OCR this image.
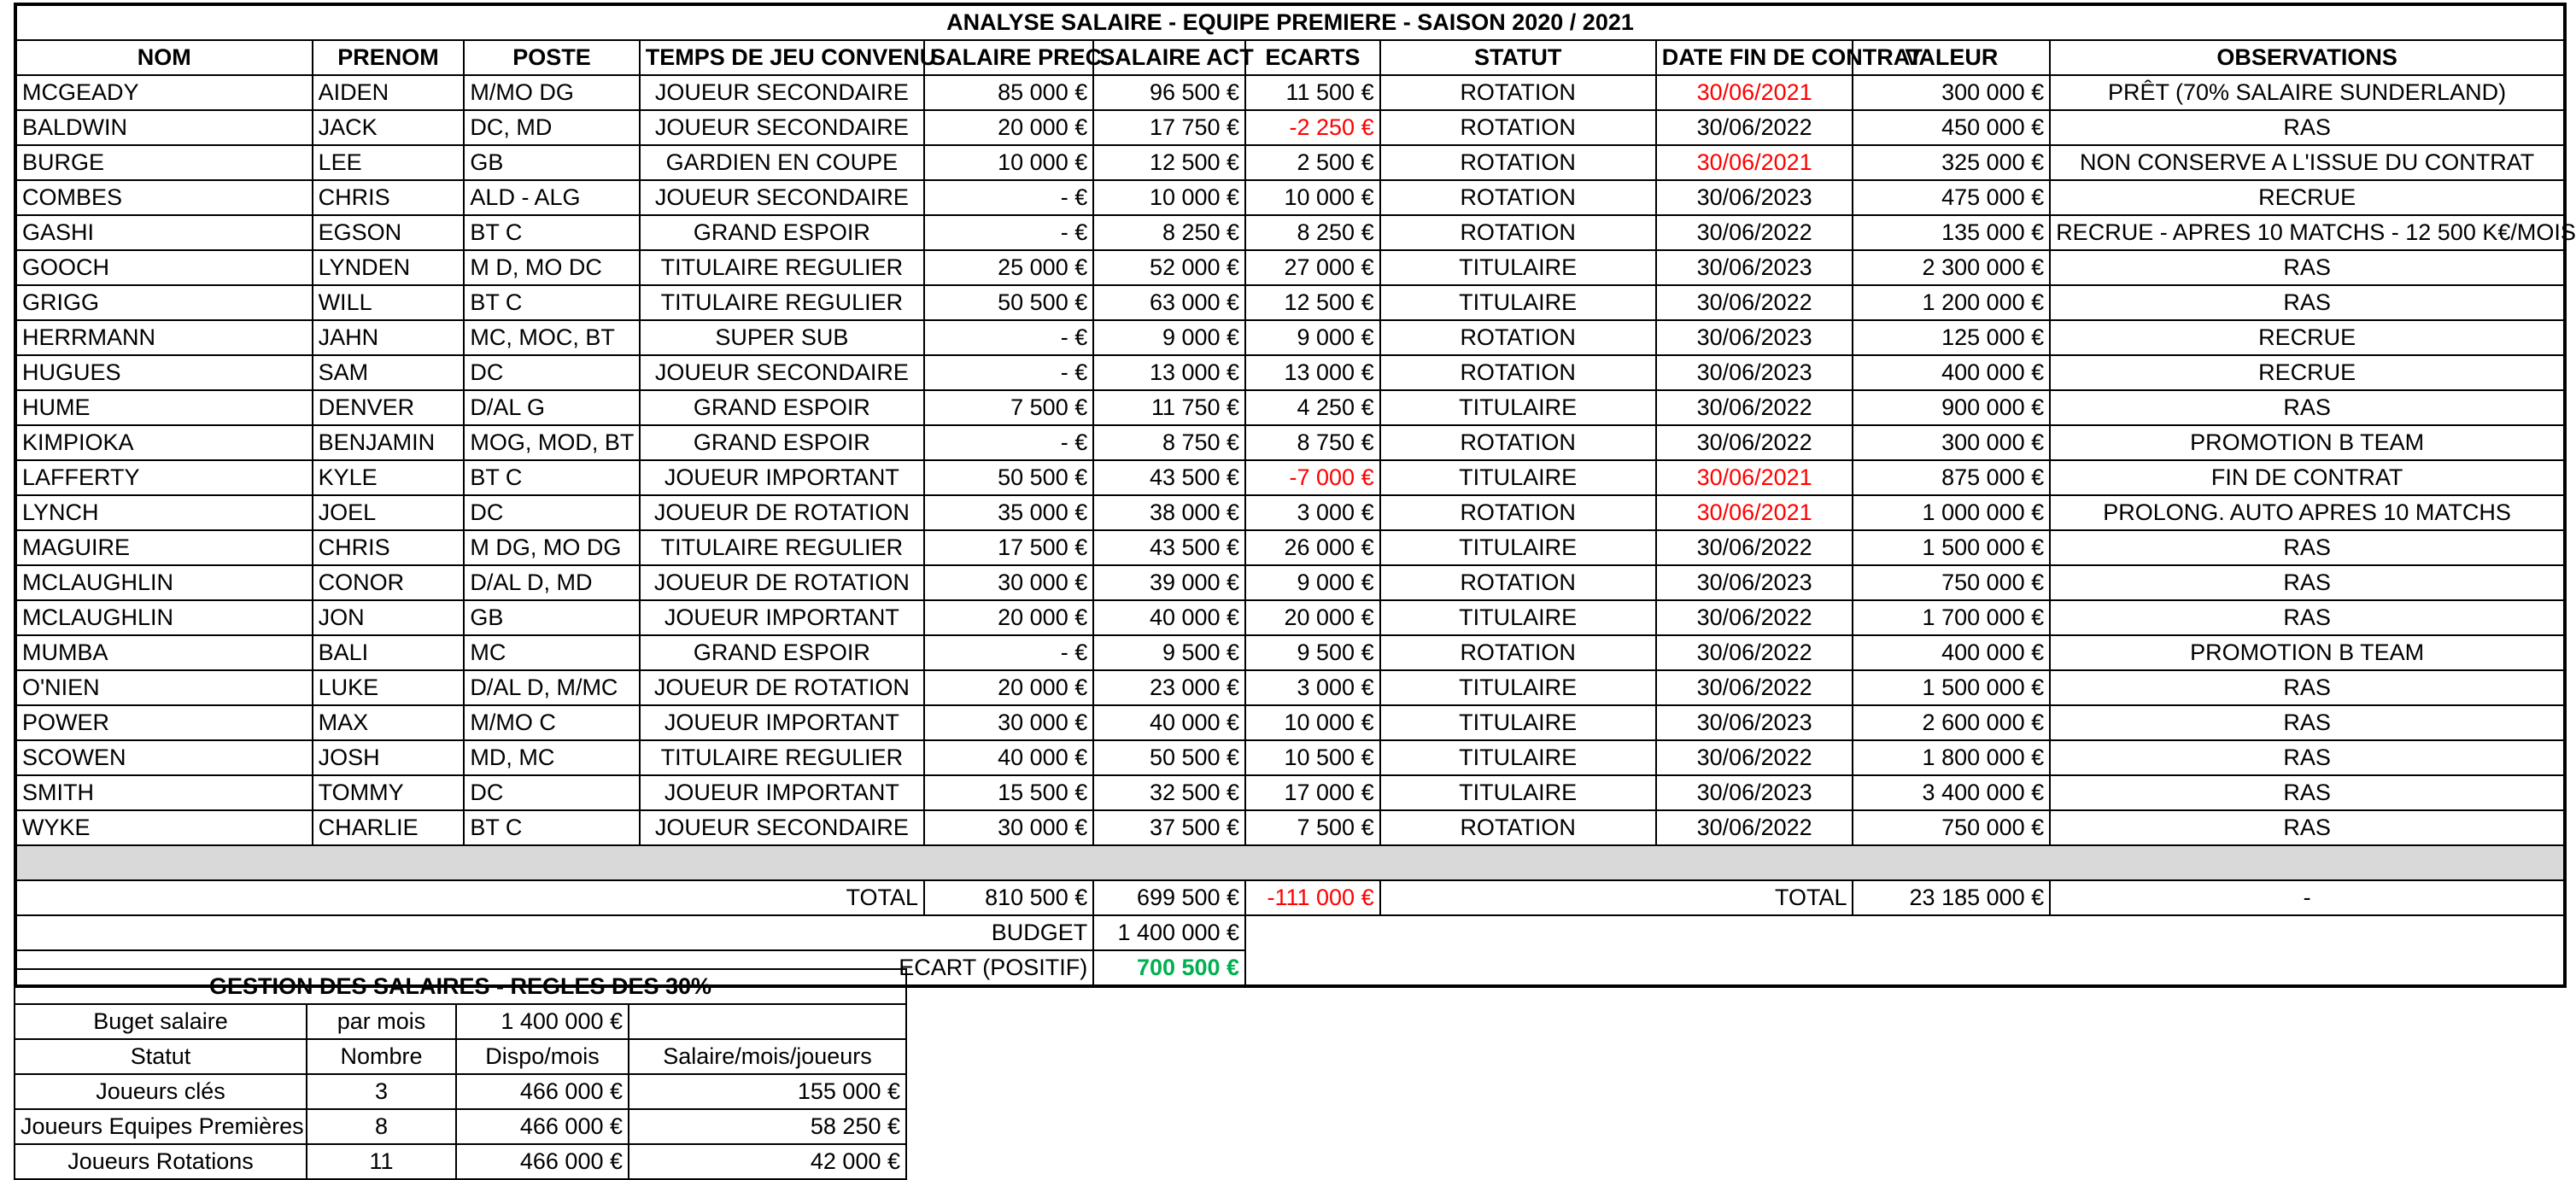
ANALYSE SALAIRE - EQUIPE PREMIERE - SAISON 2020 / 2021										
NOM	PRENOM	POSTE	TEMPS DE JEU CONVENU	SALAIRE PREC.	SALAIRE ACT	ECARTS	STATUT	DATE FIN DE CONTRAT	VALEUR	OBSERVATIONS
MCGEADY	AIDEN	M/MO DG	JOUEUR SECONDAIRE	85 000 €	96 500 €	11 500 €	ROTATION	30/06/2021	300 000 €	PRÊT (70% SALAIRE SUNDERLAND)
BALDWIN	JACK	DC, MD	JOUEUR SECONDAIRE	20 000 €	17 750 €	-2 250 €	ROTATION	30/06/2022	450 000 €	RAS
BURGE	LEE	GB	GARDIEN EN COUPE	10 000 €	12 500 €	2 500 €	ROTATION	30/06/2021	325 000 €	NON CONSERVE A L'ISSUE DU CONTRAT
COMBES	CHRIS	ALD - ALG	JOUEUR SECONDAIRE	- €	10 000 €	10 000 €	ROTATION	30/06/2023	475 000 €	RECRUE
GASHI	EGSON	BT C	GRAND ESPOIR	- €	8 250 €	8 250 €	ROTATION	30/06/2022	135 000 €	RECRUE - APRES 10 MATCHS - 12 500 K€/MOIS
GOOCH	LYNDEN	M D, MO DC	TITULAIRE REGULIER	25 000 €	52 000 €	27 000 €	TITULAIRE	30/06/2023	2 300 000 €	RAS
GRIGG	WILL	BT C	TITULAIRE REGULIER	50 500 €	63 000 €	12 500 €	TITULAIRE	30/06/2022	1 200 000 €	RAS
HERRMANN	JAHN	MC, MOC, BT	SUPER SUB	- €	9 000 €	9 000 €	ROTATION	30/06/2023	125 000 €	RECRUE
HUGUES	SAM	DC	JOUEUR SECONDAIRE	- €	13 000 €	13 000 €	ROTATION	30/06/2023	400 000 €	RECRUE
HUME	DENVER	D/AL G	GRAND ESPOIR	7 500 €	11 750 €	4 250 €	TITULAIRE	30/06/2022	900 000 €	RAS
KIMPIOKA	BENJAMIN	MOG, MOD, BT	GRAND ESPOIR	- €	8 750 €	8 750 €	ROTATION	30/06/2022	300 000 €	PROMOTION B TEAM
LAFFERTY	KYLE	BT C	JOUEUR IMPORTANT	50 500 €	43 500 €	-7 000 €	TITULAIRE	30/06/2021	875 000 €	FIN DE CONTRAT
LYNCH	JOEL	DC	JOUEUR DE ROTATION	35 000 €	38 000 €	3 000 €	ROTATION	30/06/2021	1 000 000 €	PROLONG. AUTO APRES 10 MATCHS
MAGUIRE	CHRIS	M DG, MO DG	TITULAIRE REGULIER	17 500 €	43 500 €	26 000 €	TITULAIRE	30/06/2022	1 500 000 €	RAS
MCLAUGHLIN	CONOR	D/AL D, MD	JOUEUR DE ROTATION	30 000 €	39 000 €	9 000 €	ROTATION	30/06/2023	750 000 €	RAS
MCLAUGHLIN	JON	GB	JOUEUR IMPORTANT	20 000 €	40 000 €	20 000 €	TITULAIRE	30/06/2022	1 700 000 €	RAS
MUMBA	BALI	MC	GRAND ESPOIR	- €	9 500 €	9 500 €	ROTATION	30/06/2022	400 000 €	PROMOTION B TEAM
O'NIEN	LUKE	D/AL D, M/MC	JOUEUR DE ROTATION	20 000 €	23 000 €	3 000 €	TITULAIRE	30/06/2022	1 500 000 €	RAS
POWER	MAX	M/MO C	JOUEUR IMPORTANT	30 000 €	40 000 €	10 000 €	TITULAIRE	30/06/2023	2 600 000 €	RAS
SCOWEN	JOSH	MD, MC	TITULAIRE REGULIER	40 000 €	50 500 €	10 500 €	TITULAIRE	30/06/2022	1 800 000 €	RAS
SMITH	TOMMY	DC	JOUEUR IMPORTANT	15 500 €	32 500 €	17 000 €	TITULAIRE	30/06/2023	3 400 000 €	RAS
WYKE	CHARLIE	BT C	JOUEUR SECONDAIRE	30 000 €	37 500 €	7 500 €	ROTATION	30/06/2022	750 000 €	RAS

TOTAL				810 500 €	699 500 €	-111 000 €	TOTAL		23 185 000 €	-
BUDGET					1 400 000 €					
ECART (POSITIF)					700 500 €					
GESTION DES SALAIRES - REGLES DES 30%			
Buget salaire	par mois	1 400 000 €	
Statut	Nombre	Dispo/mois	Salaire/mois/joueurs
Joueurs clés	3	466 000 €	155 000 €
Joueurs Equipes Premières	8	466 000 €	58 250 €
Joueurs Rotations	11	466 000 €	42 000 €
